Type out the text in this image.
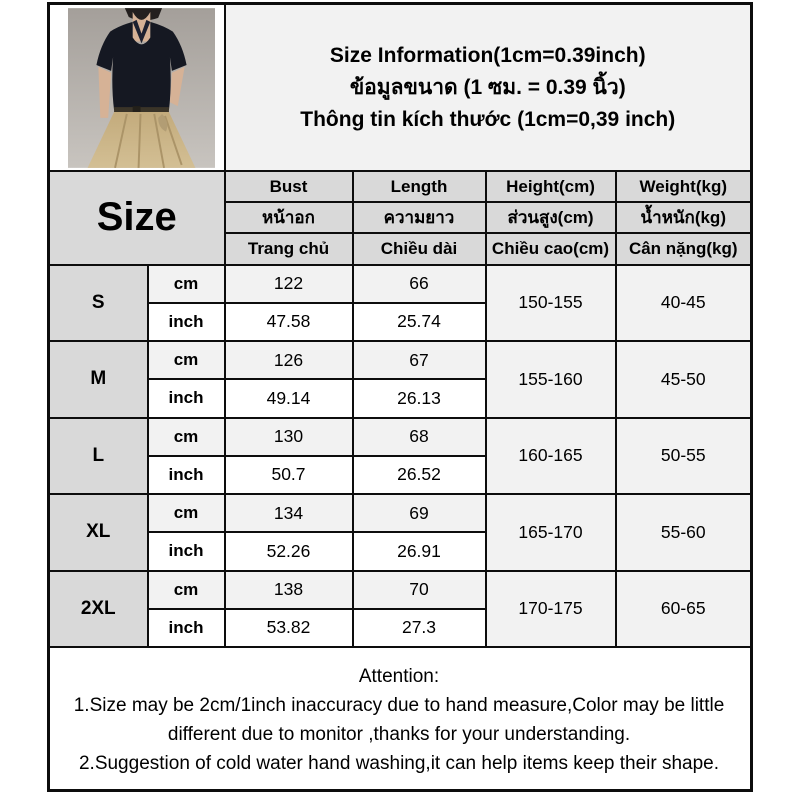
Size Information(1cm=0.39inch)
ข้อมูลขนาด (1 ซม. = 0.39 นิ้ว)
Thông tin kích thước (1cm=0,39 inch)			

Size		Bust	Length	Height(cm)	Weight(kg)
		หน้าอก	ความยาว	ส่วนสูง(cm)	น้ำหนัก(kg)
		Trang chủ	Chiều dài	Chiều cao(cm)	Cân nặng(kg)
S	cm	122	66	150-155	40-45
	inch	47.58	25.74		
M	cm	126	67	155-160	45-50
	inch	49.14	26.13		
L	cm	130	68	160-165	50-55
	inch	50.7	26.52		
XL	cm	134	69	165-170	55-60
	inch	52.26	26.91		
2XL	cm	138	70	170-175	60-65
	inch	53.82	27.3		

Attention:

1.Size may be 2cm/1inch inaccuracy due to hand measure,Color may be little different due to monitor ,thanks for your understanding.

2.Suggestion of cold water hand washing,it can help items keep their shape.					
